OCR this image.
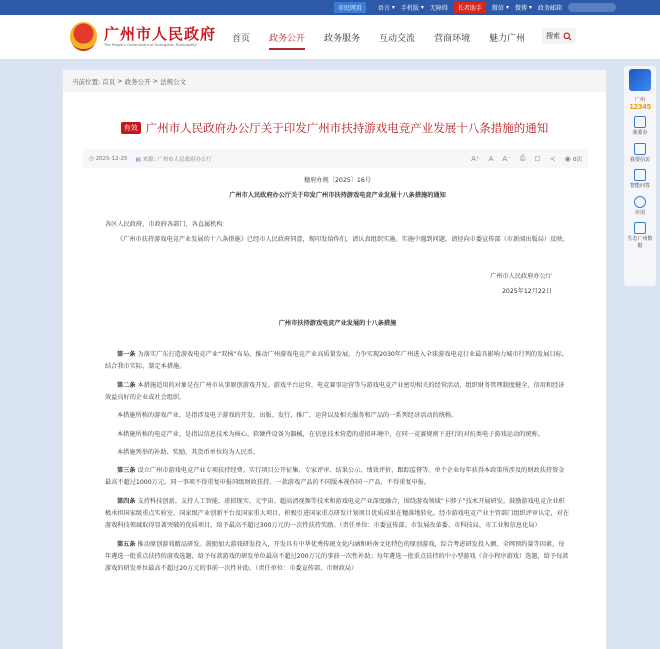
市民网页	语言 ▾ 手机版 ▾ 无障碍	长者助手	微信 ▾ 微博 ▾ 政务邮箱
广州市人民政府
The People's Government of Guangzhou Municipality
首页 政务公开 政务服务 互动交流 营商环境 魅力广州	搜索
当前位置: 首页 > 政务公开 > 法规公文
有效 广州市人民政府办公厅关于印发广州市扶持游戏电竞产业发展十八条措施的通知
◷ 2025-12-25 ▤ 来源: 广州市人民政府办公厅	A⁺ A A⁻ ⎙ ☐ ≺ ◉ 0次

穗府办规〔2025〕16号

广州市人民政府办公厅关于印发广州市扶持游戏电竞产业发展十八条措施的通知

各区人民政府，市政府各部门、各直属机构：

《广州市扶持游戏电竞产业发展的十八条措施》已经市人民政府同意，现印发给你们，请认真组织实施。实施中遇到问题，请径向市委宣传部（市新闻出版局）反映。

广州市人民政府办公厅

2025年12月22日

广州市扶持游戏电竞产业发展的十八条措施

第一条 为落实广东打造游戏电竞产业“双核”布局，推动广州游戏电竞产业高质量发展，力争实现2030年广州进入全球游戏电竞行业最具影响力城市行列的发展目标，结合我市实际，制定本措施。

第二条 本措施适用的对象是在广州市从事原创游戏开发、游戏平台运营、电竞赛事运营等与游戏电竞产业密切相关的经营活动，组织财务管理制度健全、信用和经济效益良好的企业或社会组织。

本措施所称的游戏产业，是指涉及电子游戏的开发、出版、发行、推广、运营以及相关服务和产品的一系列经济活动的统称。

本措施所称的电竞产业，是指以信息技术为核心、软硬件设备为器械，在信息技术营造的虚拟环境中，在同一竞赛规则下进行的对抗类电子游戏运动的统称。

本措施列举的补助、奖励，其货币单位均为人民币。

第三条 设立广州市游戏电竞产业专项扶持经费。实行项目公开征集、专家评审、结果公示、绩效评价、跟踪监督等。单个企业每年获得本政策所涉及的财政扶持资金最高不超过1000万元。同一事项不得重复申报同级财政扶持。一款游戏产品的不同版本视作同一产品，不得重复申报。

第四条 支持科技创新。支持人工智能、虚拟现实、元宇宙、超高清视频等技术和游戏电竞产业深度融合，围绕游戏领域“卡脖子”技术开展研发。鼓励游戏电竞企业积极承担国家级重点实验室、国家级产业创新平台及国家重大项目，积极引进国家重点研发计划项目优质成果在穗落地转化。经市游戏电竞产业主管部门组织评审认定，对在游戏科技领域取得显著突破的优质项目，给予最高不超过300万元的一次性扶持奖励。（责任单位：市委宣传部、市发展改革委、市科技局、市工业和信息化局）

第五条 推动原创游戏精品研发。鼓励加大游戏研发投入，开发具有中华优秀传统文化内涵和岭南文化特色的原创游戏，综合考虑研发投入额、全网预约量等因素，每年遴选一批重点扶持的游戏选题，给予每款游戏的研发单位最高不超过200万元的事前一次性补助；每年遴选一批重点扶持的中小型游戏（含小程序游戏）选题，给予每款游戏的研发单位最高不超过20万元的事前一次性补助。（责任单位：市委宣传部、市财政局）

广州
12345
我要办
我要信访
智能问答
应用
生态广州数据
